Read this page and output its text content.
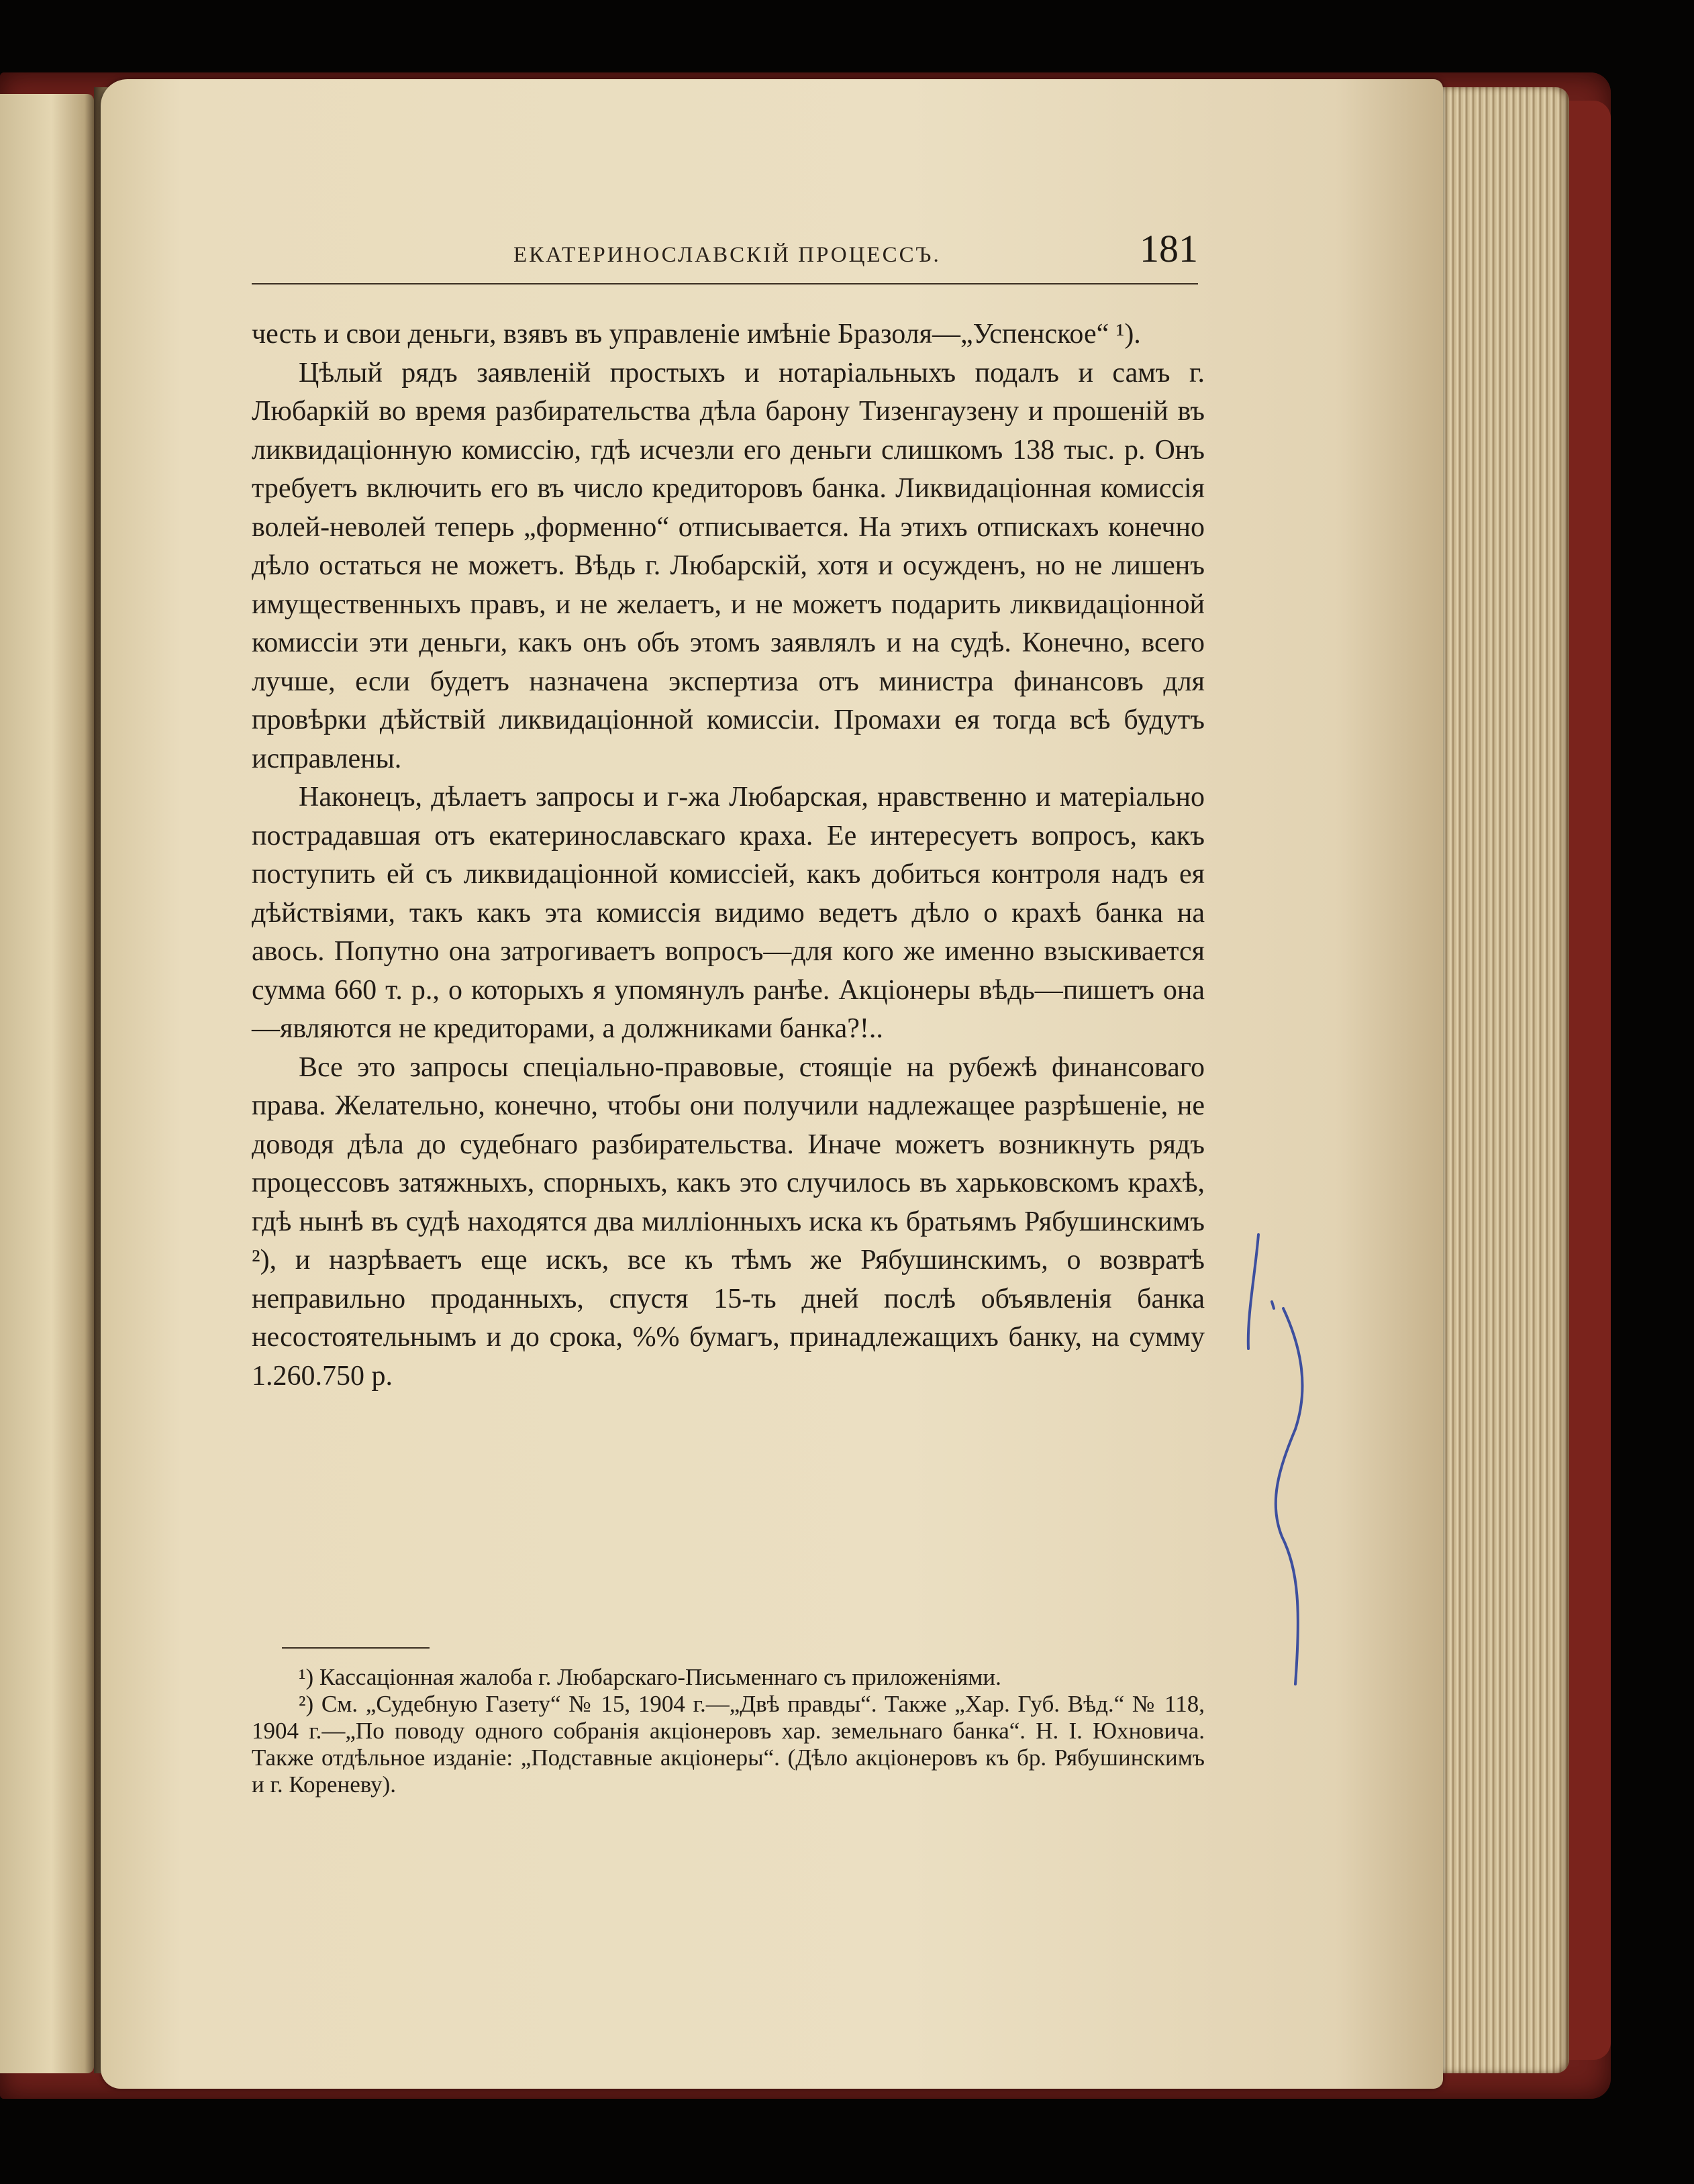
ЕКАТЕРИНОСЛАВСКІЙ ПРОЦЕССЪ.	181

честь и свои деньги, взявъ въ управленіе имѣніе Бразоля—„Успенское“ ¹).

Цѣлый рядъ заявленій простыхъ и нотаріальныхъ подалъ и самъ г. Любаркій во время разбирательства дѣла барону Тизенгаузену и прошеній въ ликвидаціонную комиссію, гдѣ исчезли его деньги слишкомъ 138 тыс. р. Онъ требуетъ включить его въ число кредиторовъ банка. Ликвидаціонная комиссія волей-неволей теперь „форменно“ отписывается. На этихъ отпискахъ конечно дѣло остаться не можетъ. Вѣдь г. Любарскій, хотя и осужденъ, но не лишенъ имущественныхъ правъ, и не желаетъ, и не можетъ подарить ликвидаціонной комиссіи эти деньги, какъ онъ объ этомъ заявлялъ и на судѣ. Конечно, всего лучше, если будетъ назначена экспертиза отъ министра финансовъ для провѣрки дѣйствій ликвидаціонной комиссіи. Промахи ея тогда всѣ будутъ исправлены.

Наконецъ, дѣлаетъ запросы и г-жа Любарская, нравственно и матеріально пострадавшая отъ екатеринославскаго краха. Ее интересуетъ вопросъ, какъ поступить ей съ ликвидаціонной комиссіей, какъ добиться контроля надъ ея дѣйствіями, такъ какъ эта комиссія видимо ведетъ дѣло о крахѣ банка на авось. Попутно она затрогиваетъ вопросъ—для кого же именно взыскивается сумма 660 т. р., о которыхъ я упомянулъ ранѣе. Акціонеры вѣдь—пишетъ она—являются не кредиторами, а должниками банка?!..

Все это запросы спеціально-правовые, стоящіе на рубежѣ финансоваго права. Желательно, конечно, чтобы они получили надлежащее разрѣшеніе, не доводя дѣла до судебнаго разбирательства. Иначе можетъ возникнуть рядъ процессовъ затяжныхъ, спорныхъ, какъ это случилось въ харьковскомъ крахѣ, гдѣ нынѣ въ судѣ находятся два милліонныхъ иска къ братьямъ Рябушинскимъ ²), и назрѣваетъ еще искъ, все къ тѣмъ же Рябушинскимъ, о возвратѣ неправильно проданныхъ, спустя 15-ть дней послѣ объявленія банка несостоятельнымъ и до срока, %% бумагъ, принадлежащихъ банку, на сумму 1.260.750 р.

¹) Кассаціонная жалоба г. Любарскаго-Письменнаго съ приложеніями.

²) См. „Судебную Газету“ № 15, 1904 г.—„Двѣ правды“. Также „Хар. Губ. Вѣд.“ № 118, 1904 г.—„По поводу одного собранія акціонеровъ хар. земельнаго банка“. Н. I. Юхновича. Также отдѣльное изданіе: „Подставные акціонеры“. (Дѣло акціонеровъ къ бр. Рябушинскимъ и г. Кореневу).
